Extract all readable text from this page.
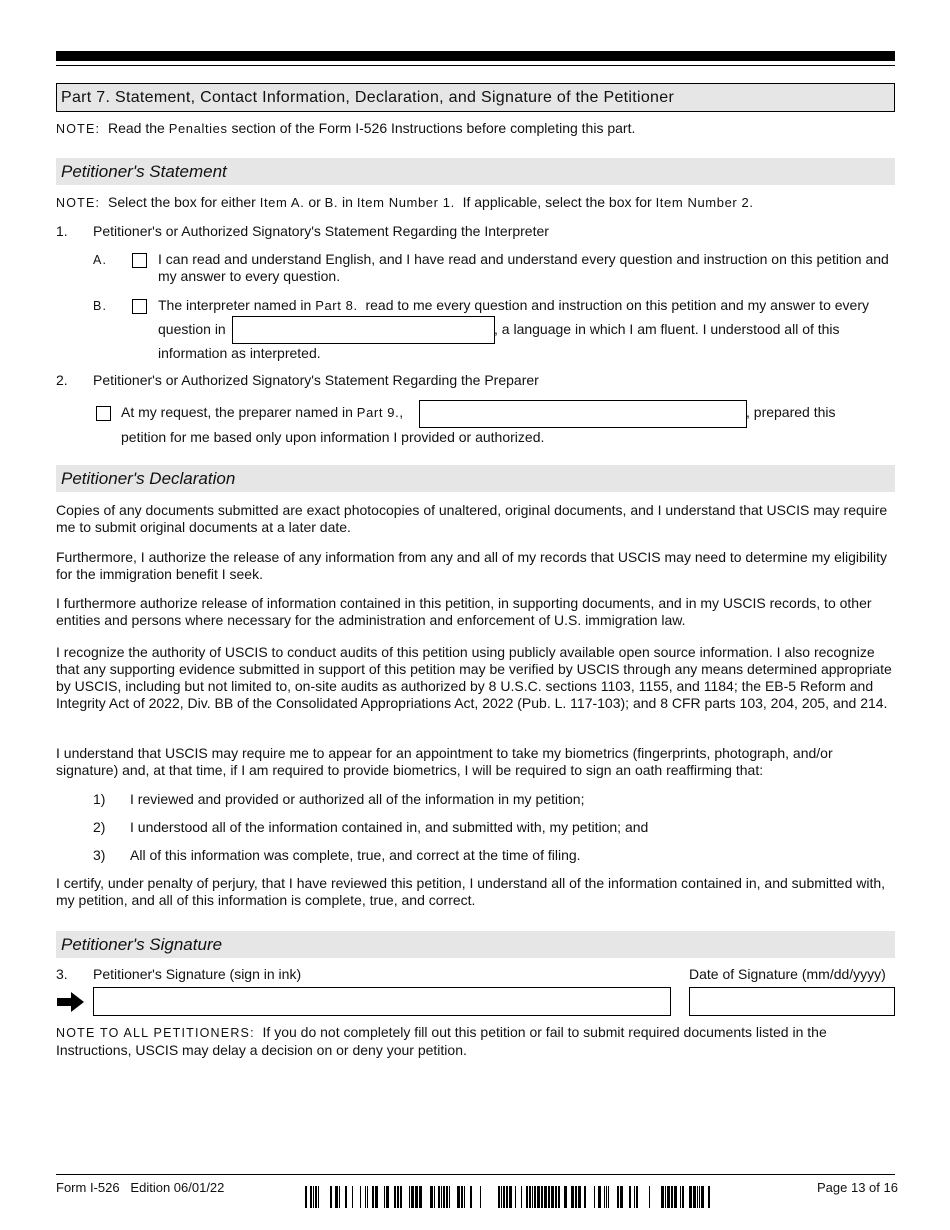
Part 7. Statement, Contact Information, Declaration, and Signature of the Petitioner
NOTE: Read the Penalties section of the Form I-526 Instructions before completing this part.
Petitioner's Statement
NOTE: Select the box for either Item A. or B. in Item Number 1. If applicable, select the box for Item Number 2.
1. Petitioner's or Authorized Signatory's Statement Regarding the Interpreter
A.	I can read and understand English, and I have read and understand every question and instruction on this petition and my answer to every question.
B.	The interpreter named in Part 8. read to me every question and instruction on this petition and my answer to every
question in	, a language in which I am fluent. I understood all of this
information as interpreted.
2. Petitioner's or Authorized Signatory's Statement Regarding the Preparer
At my request, the preparer named in Part 9.,	, prepared this
petition for me based only upon information I provided or authorized.
Petitioner's Declaration
Copies of any documents submitted are exact photocopies of unaltered, original documents, and I understand that USCIS may require me to submit original documents at a later date.
Furthermore, I authorize the release of any information from any and all of my records that USCIS may need to determine my eligibility for the immigration benefit I seek.
I furthermore authorize release of information contained in this petition, in supporting documents, and in my USCIS records, to other entities and persons where necessary for the administration and enforcement of U.S. immigration law.
I recognize the authority of USCIS to conduct audits of this petition using publicly available open source information. I also recognize that any supporting evidence submitted in support of this petition may be verified by USCIS through any means determined appropriate by USCIS, including but not limited to, on-site audits as authorized by 8 U.S.C. sections 1103, 1155, and 1184; the EB-5 Reform and Integrity Act of 2022, Div. BB of the Consolidated Appropriations Act, 2022 (Pub. L. 117-103); and 8 CFR parts 103, 204, 205, and 214.
I understand that USCIS may require me to appear for an appointment to take my biometrics (fingerprints, photograph, and/or signature) and, at that time, if I am required to provide biometrics, I will be required to sign an oath reaffirming that:
1) I reviewed and provided or authorized all of the information in my petition;
2) I understood all of the information contained in, and submitted with, my petition; and
3) All of this information was complete, true, and correct at the time of filing.
I certify, under penalty of perjury, that I have reviewed this petition, I understand all of the information contained in, and submitted with, my petition, and all of this information is complete, true, and correct.
Petitioner's Signature
3. Petitioner's Signature (sign in ink)	Date of Signature (mm/dd/yyyy)
NOTE TO ALL PETITIONERS: If you do not completely fill out this petition or fail to submit required documents listed in the Instructions, USCIS may delay a decision on or deny your petition.
Form I-526 Edition 06/01/22	Page 13 of 16
